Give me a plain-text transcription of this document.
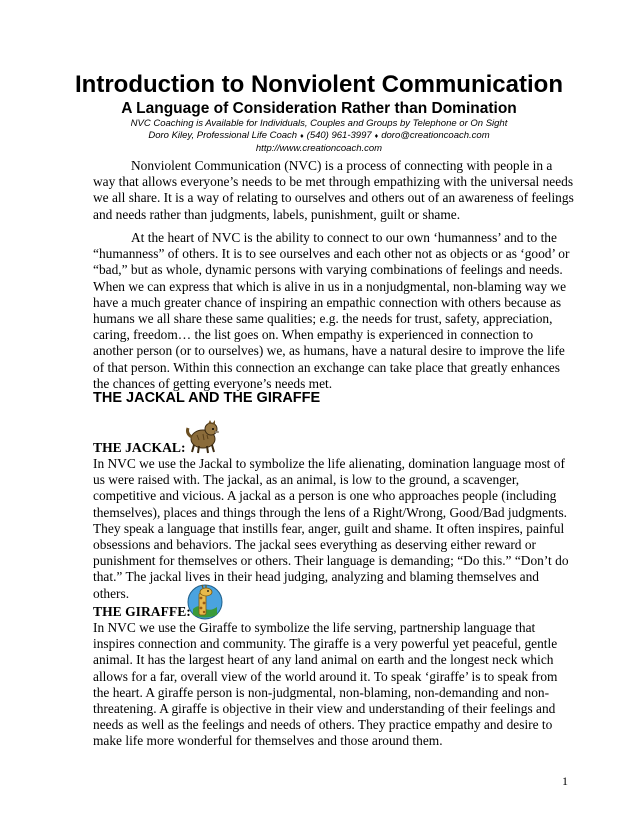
Introduction to Nonviolent Communication

A Language of Consideration Rather than Domination

NVC Coaching is Available for Individuals, Couples and Groups by Telephone or On Sight

Doro Kiley, Professional Life Coach ♦ (540) 961-3997 ♦ doro@creationcoach.com

http://www.creationcoach.com

Nonviolent Communication (NVC) is a process of connecting with people in a way that allows everyone’s needs to be met through empathizing with the universal needs we all share. It is a way of relating to ourselves and others out of an awareness of feelings and needs rather than judgments, labels, punishment, guilt or shame.

At the heart of NVC is the ability to connect to our own ‘humanness’ and to the “humanness” of others. It is to see ourselves and each other not as objects or as ‘good’ or “bad,” but as whole, dynamic persons with varying combinations of feelings and needs. When we can express that which is alive in us in a nonjudgmental, non-blaming way we have a much greater chance of inspiring an empathic connection with others because as humans we all share these same qualities; e.g. the needs for trust, safety, appreciation, caring, freedom… the list goes on. When empathy is experienced in connection to another person (or to ourselves) we, as humans, have a natural desire to improve the life of that person. Within this connection an exchange can take place that greatly enhances the chances of getting everyone’s needs met.

THE JACKAL AND THE GIRAFFE

THE JACKAL:

In NVC we use the Jackal to symbolize the life alienating, domination language most of us were raised with. The jackal, as an animal, is low to the ground, a scavenger, competitive and vicious. A jackal as a person is one who approaches people (including themselves), places and things through the lens of a Right/Wrong, Good/Bad judgments. They speak a language that instills fear, anger, guilt and shame. It often inspires, painful obsessions and behaviors. The jackal sees everything as deserving either reward or punishment for themselves or others. Their language is demanding; “Do this.” “Don’t do that.” The jackal lives in their head judging, analyzing and blaming themselves and others.

THE GIRAFFE:

In NVC we use the Giraffe to symbolize the life serving, partnership language that inspires connection and community. The giraffe is a very powerful yet peaceful, gentle animal. It has the largest heart of any land animal on earth and the longest neck which allows for a far, overall view of the world around it. To speak ‘giraffe’ is to speak from the heart. A giraffe person is non-judgmental, non-blaming, non-demanding and non-threatening. A giraffe is objective in their view and understanding of their feelings and needs as well as the feelings and needs of others. They practice empathy and desire to make life more wonderful for themselves and those around them.

1
